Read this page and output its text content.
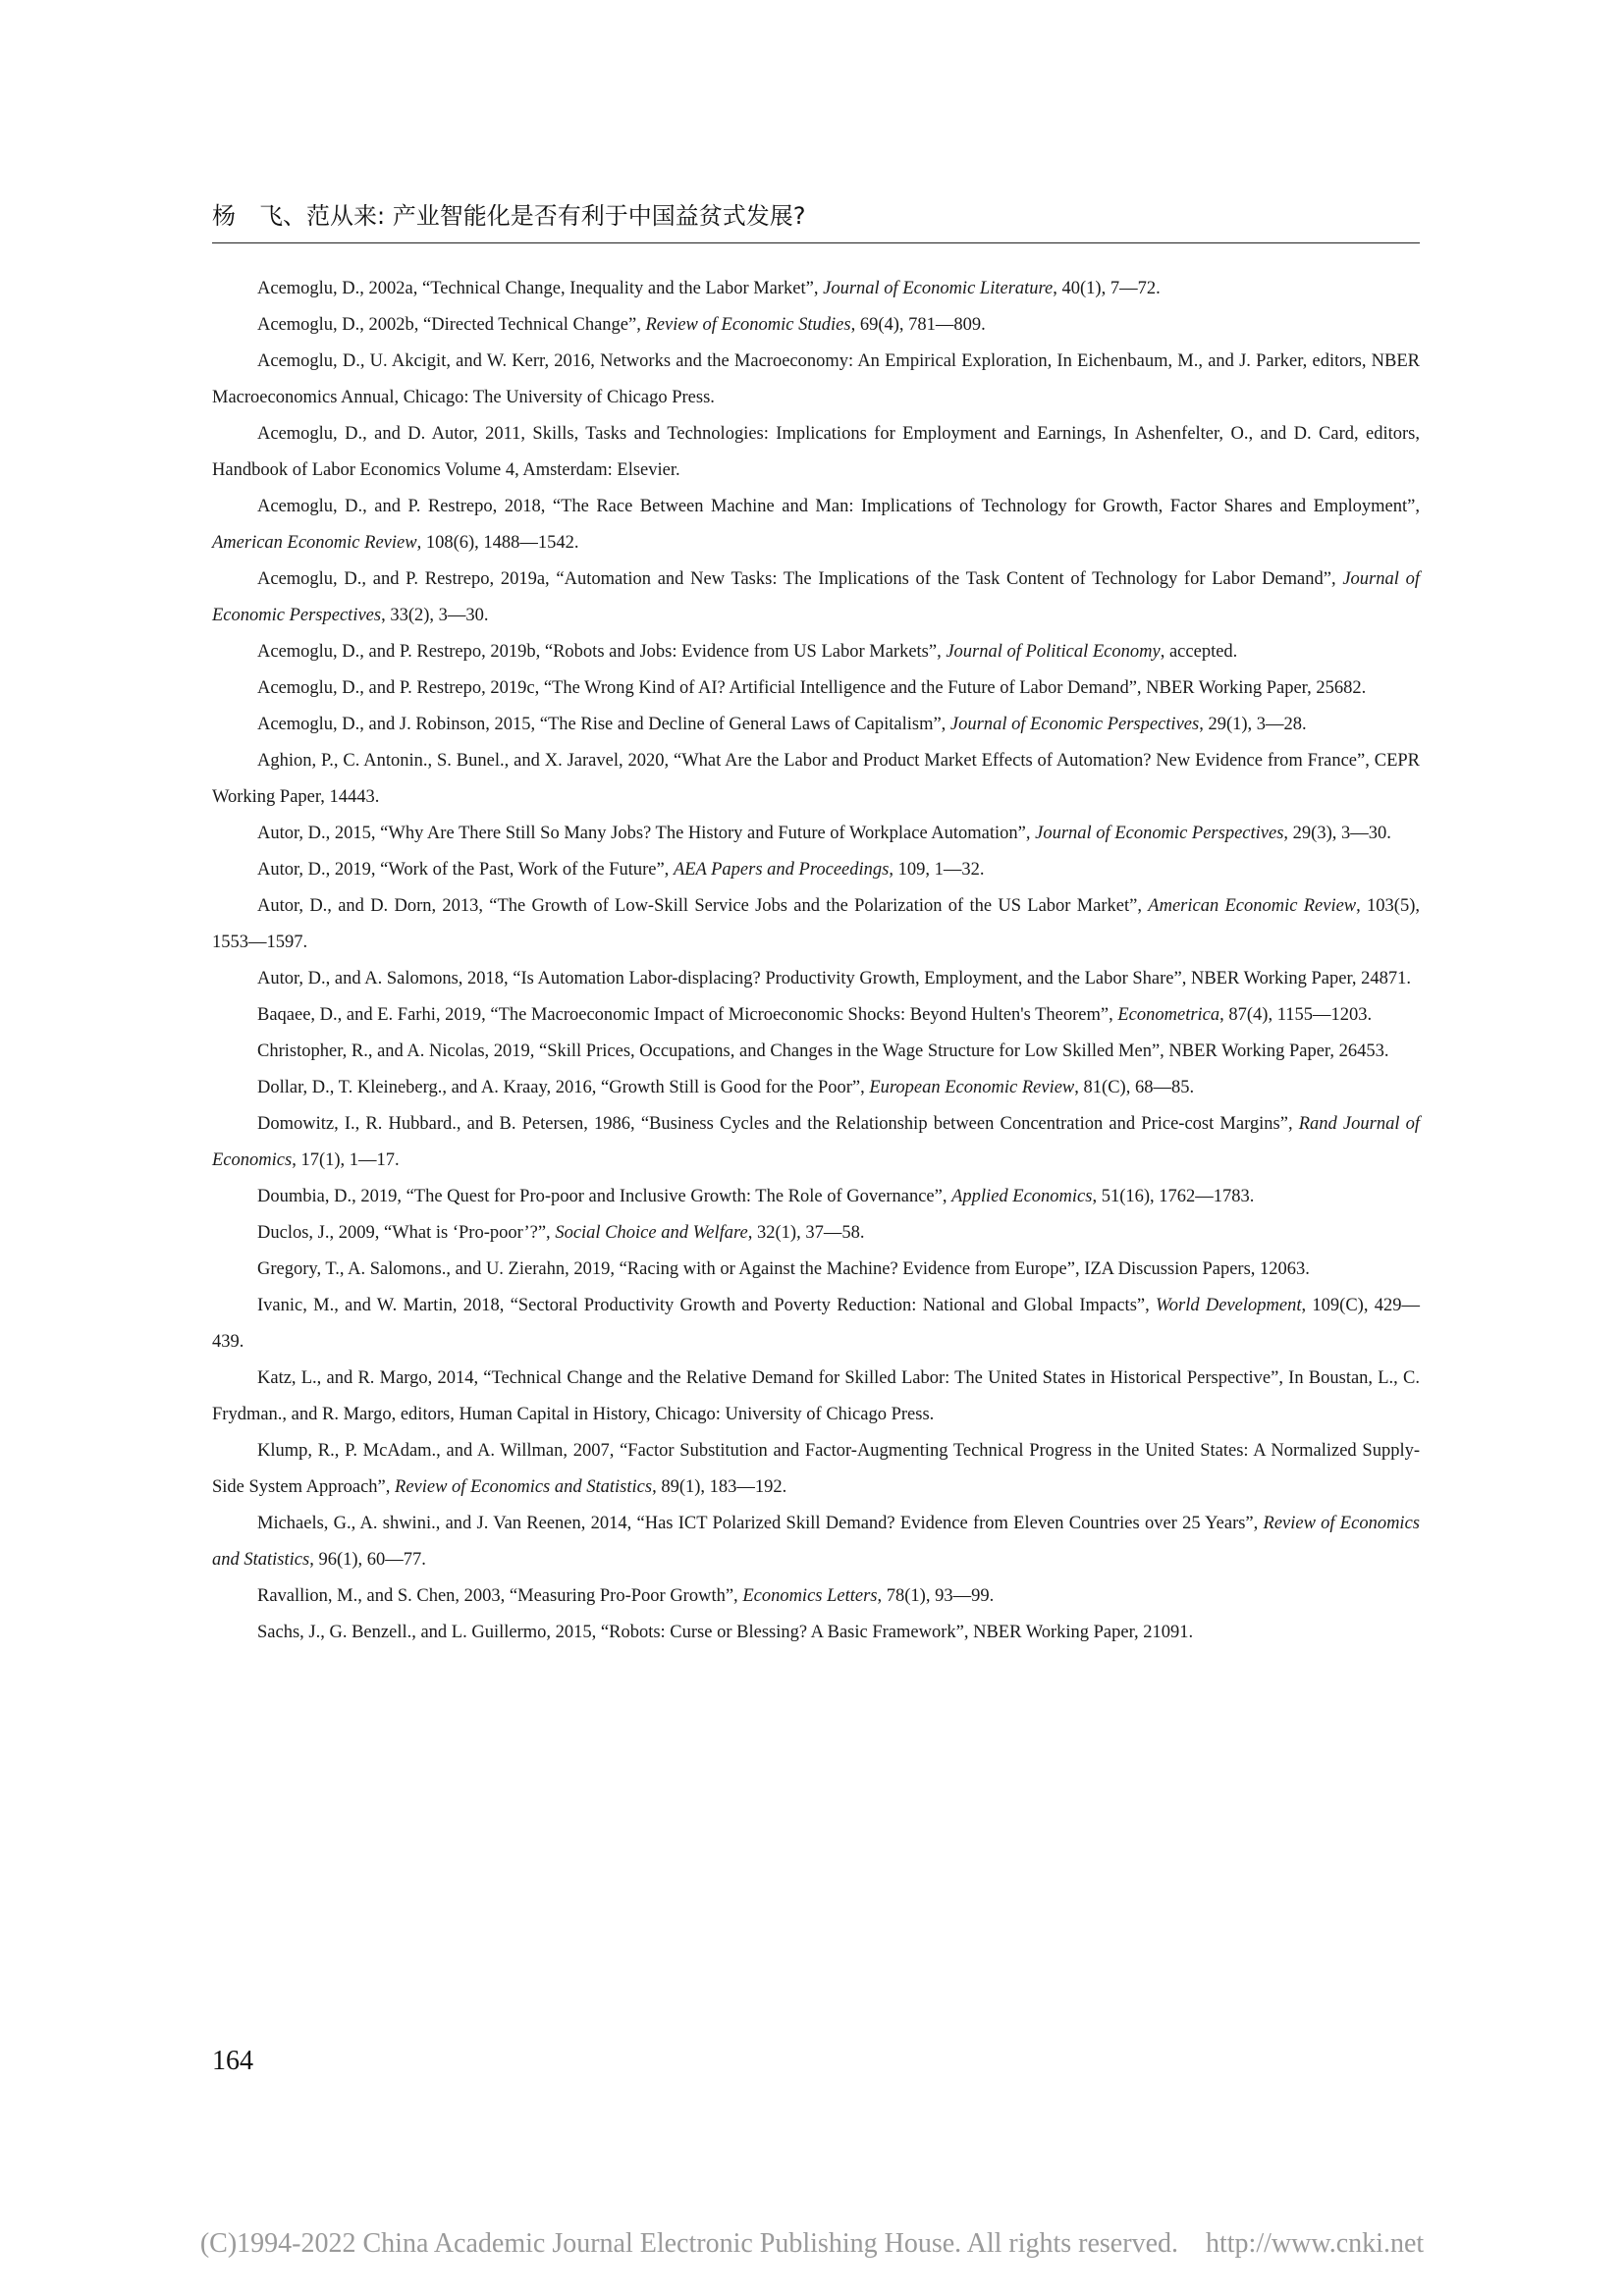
杨　飞、范从来: 产业智能化是否有利于中国益贫式发展?

Acemoglu, D., 2002a, “Technical Change, Inequality and the Labor Market”, Journal of Economic Literature, 40(1), 7—72.

Acemoglu, D., 2002b, “Directed Technical Change”, Review of Economic Studies, 69(4), 781—809.

Acemoglu, D., U. Akcigit, and W. Kerr, 2016, Networks and the Macroeconomy: An Empirical Exploration, In Eichenbaum, M., and J. Parker, editors, NBER Macroeconomics Annual, Chicago: The University of Chicago Press.

Acemoglu, D., and D. Autor, 2011, Skills, Tasks and Technologies: Implications for Employment and Earnings, In Ashenfelter, O., and D. Card, editors, Handbook of Labor Economics Volume 4, Amsterdam: Elsevier.

Acemoglu, D., and P. Restrepo, 2018, “The Race Between Machine and Man: Implications of Technology for Growth, Factor Shares and Employment”, American Economic Review, 108(6), 1488—1542.

Acemoglu, D., and P. Restrepo, 2019a, “Automation and New Tasks: The Implications of the Task Content of Technology for Labor Demand”, Journal of Economic Perspectives, 33(2), 3—30.

Acemoglu, D., and P. Restrepo, 2019b, “Robots and Jobs: Evidence from US Labor Markets”, Journal of Political Economy, accepted.

Acemoglu, D., and P. Restrepo, 2019c, “The Wrong Kind of AI? Artificial Intelligence and the Future of Labor Demand”, NBER Working Paper, 25682.

Acemoglu, D., and J. Robinson, 2015, “The Rise and Decline of General Laws of Capitalism”, Journal of Economic Perspectives, 29(1), 3—28.

Aghion, P., C. Antonin., S. Bunel., and X. Jaravel, 2020, “What Are the Labor and Product Market Effects of Automation? New Evidence from France”, CEPR Working Paper, 14443.

Autor, D., 2015, “Why Are There Still So Many Jobs? The History and Future of Workplace Automation”, Journal of Economic Perspectives, 29(3), 3—30.

Autor, D., 2019, “Work of the Past, Work of the Future”, AEA Papers and Proceedings, 109, 1—32.

Autor, D., and D. Dorn, 2013, “The Growth of Low-Skill Service Jobs and the Polarization of the US Labor Market”, American Economic Review, 103(5), 1553—1597.

Autor, D., and A. Salomons, 2018, “Is Automation Labor-displacing? Productivity Growth, Employment, and the Labor Share”, NBER Working Paper, 24871.

Baqaee, D., and E. Farhi, 2019, “The Macroeconomic Impact of Microeconomic Shocks: Beyond Hulten's Theorem”, Econometrica, 87(4), 1155—1203.

Christopher, R., and A. Nicolas, 2019, “Skill Prices, Occupations, and Changes in the Wage Structure for Low Skilled Men”, NBER Working Paper, 26453.

Dollar, D., T. Kleineberg., and A. Kraay, 2016, “Growth Still is Good for the Poor”, European Economic Review, 81(C), 68—85.

Domowitz, I., R. Hubbard., and B. Petersen, 1986, “Business Cycles and the Relationship between Concentration and Price-cost Margins”, Rand Journal of Economics, 17(1), 1—17.

Doumbia, D., 2019, “The Quest for Pro-poor and Inclusive Growth: The Role of Governance”, Applied Economics, 51(16), 1762—1783.

Duclos, J., 2009, “What is ‘Pro-poor’?”, Social Choice and Welfare, 32(1), 37—58.

Gregory, T., A. Salomons., and U. Zierahn, 2019, “Racing with or Against the Machine? Evidence from Europe”, IZA Discussion Papers, 12063.

Ivanic, M., and W. Martin, 2018, “Sectoral Productivity Growth and Poverty Reduction: National and Global Impacts”, World Development, 109(C), 429—439.

Katz, L., and R. Margo, 2014, “Technical Change and the Relative Demand for Skilled Labor: The United States in Historical Perspective”, In Boustan, L., C. Frydman., and R. Margo, editors, Human Capital in History, Chicago: University of Chicago Press.

Klump, R., P. McAdam., and A. Willman, 2007, “Factor Substitution and Factor-Augmenting Technical Progress in the United States: A Normalized Supply-Side System Approach”, Review of Economics and Statistics, 89(1), 183—192.

Michaels, G., A. shwini., and J. Van Reenen, 2014, “Has ICT Polarized Skill Demand? Evidence from Eleven Countries over 25 Years”, Review of Economics and Statistics, 96(1), 60—77.

Ravallion, M., and S. Chen, 2003, “Measuring Pro-Poor Growth”, Economics Letters, 78(1), 93—99.

Sachs, J., G. Benzell., and L. Guillermo, 2015, “Robots: Curse or Blessing? A Basic Framework”, NBER Working Paper, 21091.

164
(C)1994-2022 China Academic Journal Electronic Publishing House. All rights reserved. http://www.cnki.net
